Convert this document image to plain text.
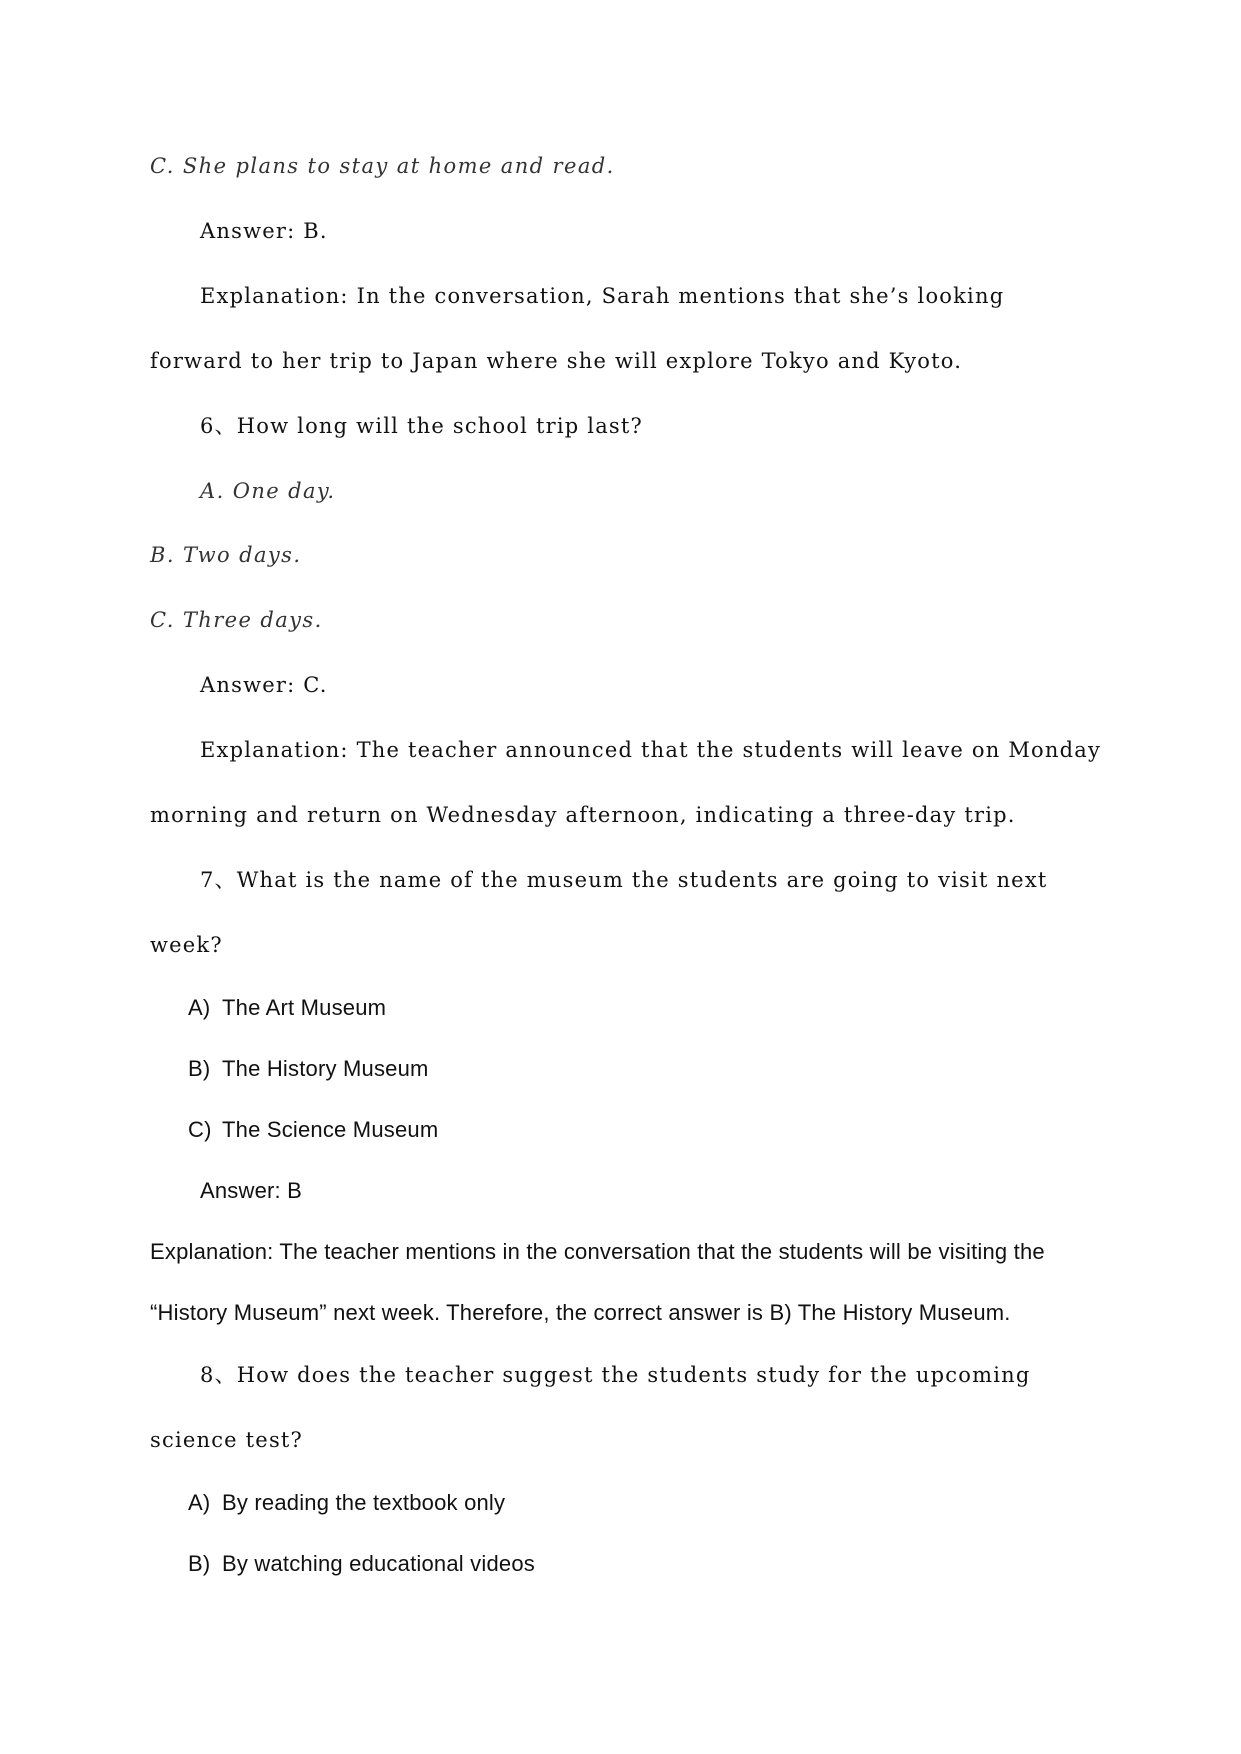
C. She plans to stay at home and read.
Answer: B.
Explanation: In the conversation, Sarah mentions that she’s looking
forward to her trip to Japan where she will explore Tokyo and Kyoto.
6、How long will the school trip last?
A. One day.
B. Two days.
C. Three days.
Answer: C.
Explanation: The teacher announced that the students will leave on Monday
morning and return on Wednesday afternoon, indicating a three-day trip.
7、What is the name of the museum the students are going to visit next
week?
A) The Art Museum
B) The History Museum
C) The Science Museum
Answer: B
Explanation: The teacher mentions in the conversation that the students will be visiting the
“History Museum” next week. Therefore, the correct answer is B) The History Museum.
8、How does the teacher suggest the students study for the upcoming
science test?
A) By reading the textbook only
B) By watching educational videos
